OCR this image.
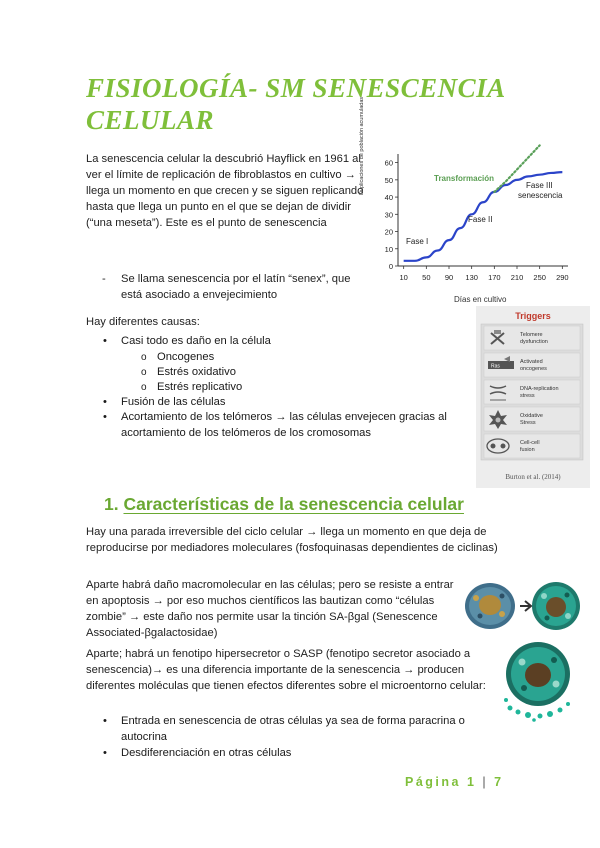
FISIOLOGÍA- SM SENESCENCIA CELULAR
La senescencia celular la descubrió Hayflick en 1961 al ver el límite de replicación de fibroblastos en cultivo → llega un momento en que crecen y se siguen replicando hasta que llega un punto en el que se dejan de dividir (“una meseta”). Este es el punto de senescencia
- Se llama senescencia por el latín “senex”, que está asociado a envejecimiento
Hay diferentes causas:
• Casi todo es daño en la célula
o Oncogenes
o Estrés oxidativo
o Estrés replicativo
• Fusión de las células
• Acortamiento de los telómeros → las células envejecen gracias al acortamiento de los telómeros de los cromosomas
0
10
20
30
40
50
60
10 50 90 130 170 210 250 290
Fase I
Fase II
Fase III
senescencia
Transformación
Duplicaciones de población acumuladas
Días en cultivo
Triggers
Telomere
dysfunction
Ras
Activated
oncogenes
DNA-replication
stress
Oxidative
Stress
Cell-cell
fusion
Burton et al. (2014)
1. Características de la senescencia celular
Hay una parada irreversible del ciclo celular → llega un momento en que deja de reproducirse por mediadores moleculares (fosfoquinasas dependientes de ciclinas)
Aparte habrá daño macromolecular en las células; pero se resiste a entrar en apoptosis → por eso muchos científicos las bautizan como “células zombie” → este daño nos permite usar la tinción SA-βgal (Senescence Associated-βgalactosidae)
Aparte; habrá un fenotipo hipersecretor o SASP (fenotipo secretor asociado a senescencia)→ es una diferencia importante de la senescencia → producen diferentes moléculas que tienen efectos diferentes sobre el microentorno celular:
• Entrada en senescencia de otras células ya sea de forma paracrina o autocrina
• Desdiferenciación en otras células
Página 1 | 7
